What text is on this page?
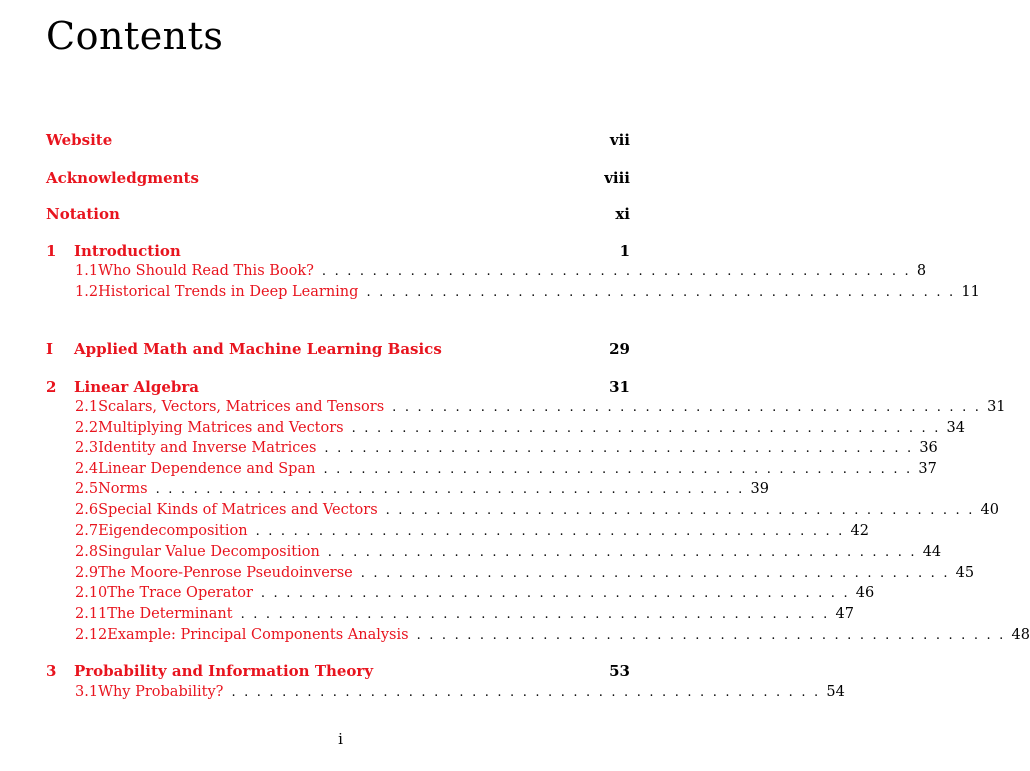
Contents
Website	vii
Acknowledgments	viii
Notation	xi
1	Introduction	1
1.1 Who Should Read This Book? . . . . . . . . . . . . . . . . . . . . . . . . . . . . . . . . . . . . . . . . . . . . . . . 8
1.2 Historical Trends in Deep Learning . . . . . . . . . . . . . . . . . . . . . . . . . . . . . . . . . . . . . . . . . . . . . . . 11
I	Applied Math and Machine Learning Basics	29
2	Linear Algebra	31
2.1 Scalars, Vectors, Matrices and Tensors . . . . . . . . . . . . . . . . . . . . . . . . . . . . . . . . . . . . . . . . . . . . . . . 31
2.2 Multiplying Matrices and Vectors . . . . . . . . . . . . . . . . . . . . . . . . . . . . . . . . . . . . . . . . . . . . . . . 34
2.3 Identity and Inverse Matrices . . . . . . . . . . . . . . . . . . . . . . . . . . . . . . . . . . . . . . . . . . . . . . . 36
2.4 Linear Dependence and Span . . . . . . . . . . . . . . . . . . . . . . . . . . . . . . . . . . . . . . . . . . . . . . . 37
2.5 Norms . . . . . . . . . . . . . . . . . . . . . . . . . . . . . . . . . . . . . . . . . . . . . . . 39
2.6 Special Kinds of Matrices and Vectors . . . . . . . . . . . . . . . . . . . . . . . . . . . . . . . . . . . . . . . . . . . . . . . 40
2.7 Eigendecomposition . . . . . . . . . . . . . . . . . . . . . . . . . . . . . . . . . . . . . . . . . . . . . . . 42
2.8 Singular Value Decomposition . . . . . . . . . . . . . . . . . . . . . . . . . . . . . . . . . . . . . . . . . . . . . . . 44
2.9 The Moore-Penrose Pseudoinverse . . . . . . . . . . . . . . . . . . . . . . . . . . . . . . . . . . . . . . . . . . . . . . . 45
2.10 The Trace Operator . . . . . . . . . . . . . . . . . . . . . . . . . . . . . . . . . . . . . . . . . . . . . . . 46
2.11 The Determinant . . . . . . . . . . . . . . . . . . . . . . . . . . . . . . . . . . . . . . . . . . . . . . . 47
2.12 Example: Principal Components Analysis . . . . . . . . . . . . . . . . . . . . . . . . . . . . . . . . . . . . . . . . . . . . . . . 48
3	Probability and Information Theory	53
3.1 Why Probability? . . . . . . . . . . . . . . . . . . . . . . . . . . . . . . . . . . . . . . . . . . . . . . . 54
i
